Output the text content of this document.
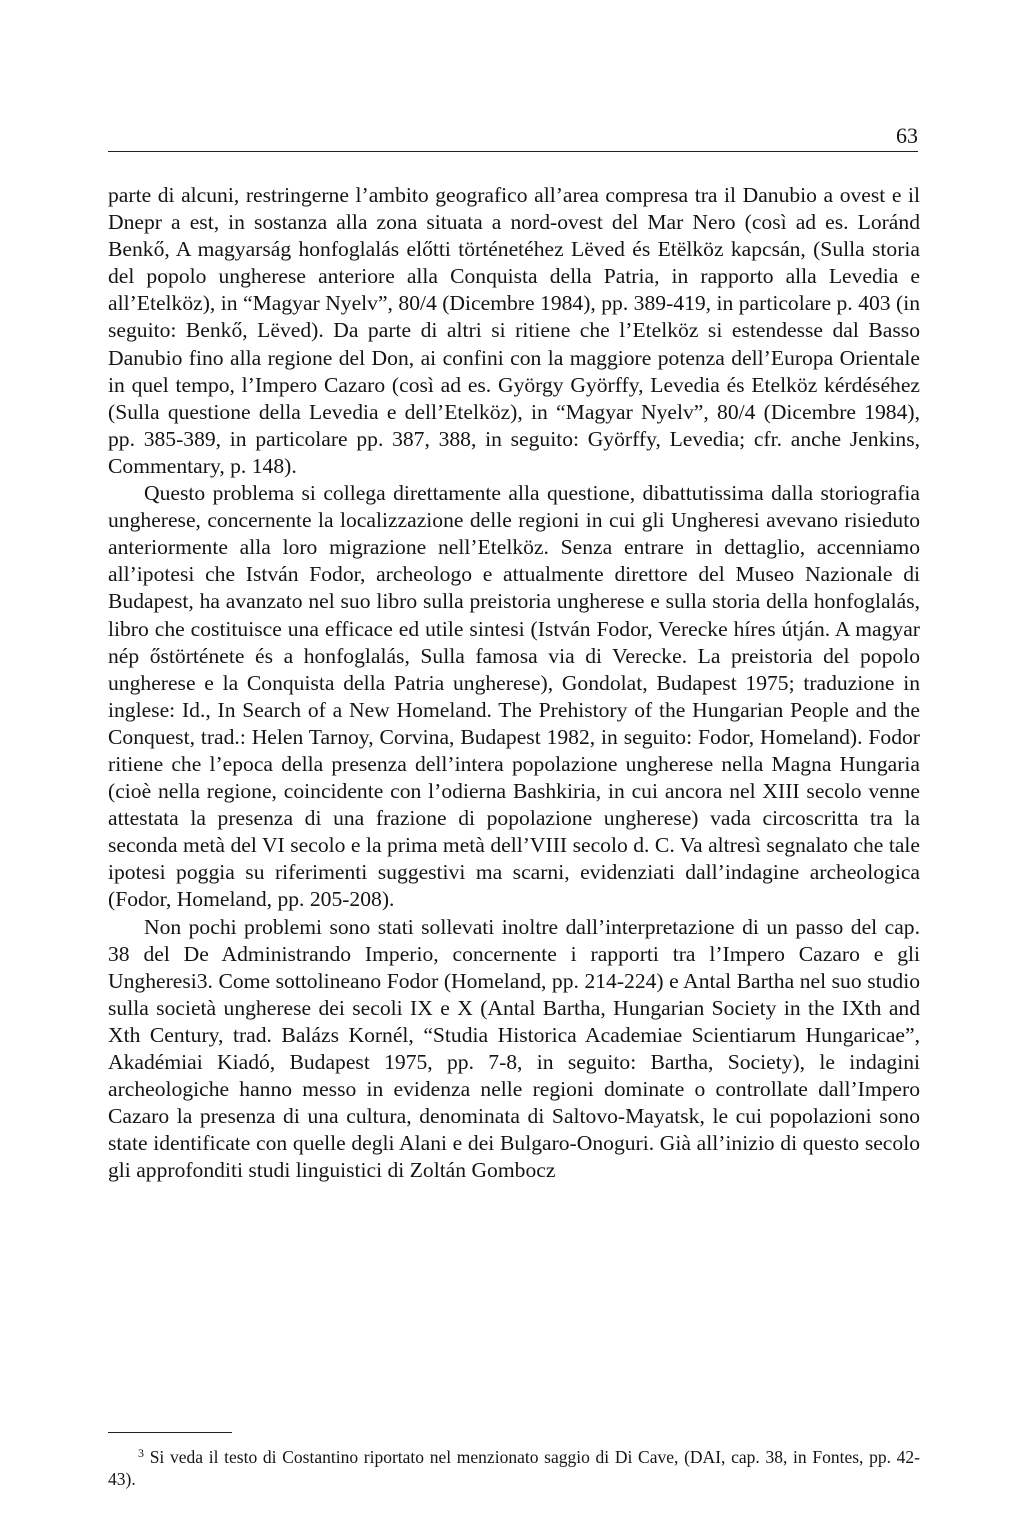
63

parte di alcuni, restringerne l’ambito geografico all’area compresa tra il Danubio a ovest e il Dnepr a est, in sostanza alla zona situata a nord-ovest del Mar Nero (così ad es. Loránd Benkő, A magyarság honfoglalás előtti történetéhez Lëved és Etëlköz kapcsán, (Sulla storia del popolo ungherese anteriore alla Conquista della Patria, in rapporto alla Levedia e all’Etelköz), in “Magyar Nyelv”, 80/4 (Dicembre 1984), pp. 389-419, in particolare p. 403 (in seguito: Benkő, Lëved). Da parte di altri si ritiene che l’Etelköz si estendesse dal Basso Danubio fino alla regione del Don, ai confini con la maggiore potenza dell’Europa Orientale in quel tempo, l’Impero Cazaro (così ad es. György Györffy, Levedia és Etelköz kérdéséhez (Sulla questione della Levedia e dell’Etelköz), in “Magyar Nyelv”, 80/4 (Dicembre 1984), pp. 385-389, in particolare pp. 387, 388, in seguito: Györffy, Levedia; cfr. anche Jenkins, Commentary, p. 148).

Questo problema si collega direttamente alla questione, dibattutissima dalla storiografia ungherese, concernente la localizzazione delle regioni in cui gli Ungheresi avevano risieduto anteriormente alla loro migrazione nell’Etelköz. Senza entrare in dettaglio, accenniamo all’ipotesi che István Fodor, archeologo e attualmente direttore del Museo Nazionale di Budapest, ha avanzato nel suo libro sulla preistoria ungherese e sulla storia della honfoglalás, libro che costituisce una efficace ed utile sintesi (István Fodor, Verecke híres útján. A magyar nép őstörténete és a honfoglalás, Sulla famosa via di Verecke. La preistoria del popolo ungherese e la Conquista della Patria ungherese), Gondolat, Budapest 1975; traduzione in inglese: Id., In Search of a New Homeland. The Prehistory of the Hungarian People and the Conquest, trad.: Helen Tarnoy, Corvina, Budapest 1982, in seguito: Fodor, Homeland). Fodor ritiene che l’epoca della presenza dell’intera popolazione ungherese nella Magna Hungaria (cioè nella regione, coincidente con l’odierna Bashkiria, in cui ancora nel XIII secolo venne attestata la presenza di una frazione di popolazione ungherese) vada circoscritta tra la seconda metà del VI secolo e la prima metà dell’VIII secolo d. C. Va altresì segnalato che tale ipotesi poggia su riferimenti suggestivi ma scarni, evidenziati dall’indagine archeologica (Fodor, Homeland, pp. 205-208).

Non pochi problemi sono stati sollevati inoltre dall’interpretazione di un passo del cap. 38 del De Administrando Imperio, concernente i rapporti tra l’Impero Cazaro e gli Ungheresi3. Come sottolineano Fodor (Homeland, pp. 214-224) e Antal Bartha nel suo studio sulla società ungherese dei secoli IX e X (Antal Bartha, Hungarian Society in the IXth and Xth Century, trad. Balázs Kornél, “Studia Historica Academiae Scientiarum Hungaricae”, Akadémiai Kiadó, Budapest 1975, pp. 7-8, in seguito: Bartha, Society), le indagini archeologiche hanno messo in evidenza nelle regioni dominate o controllate dall’Impero Cazaro la presenza di una cultura, denominata di Saltovo-Mayatsk, le cui popolazioni sono state identificate con quelle degli Alani e dei Bulgaro-Onoguri. Già all’inizio di questo secolo gli approfonditi studi linguistici di Zoltán Gombocz

$^3$ Si veda il testo di Costantino riportato nel menzionato saggio di Di Cave, (DAI, cap. 38, in Fontes, pp. 42-43).
